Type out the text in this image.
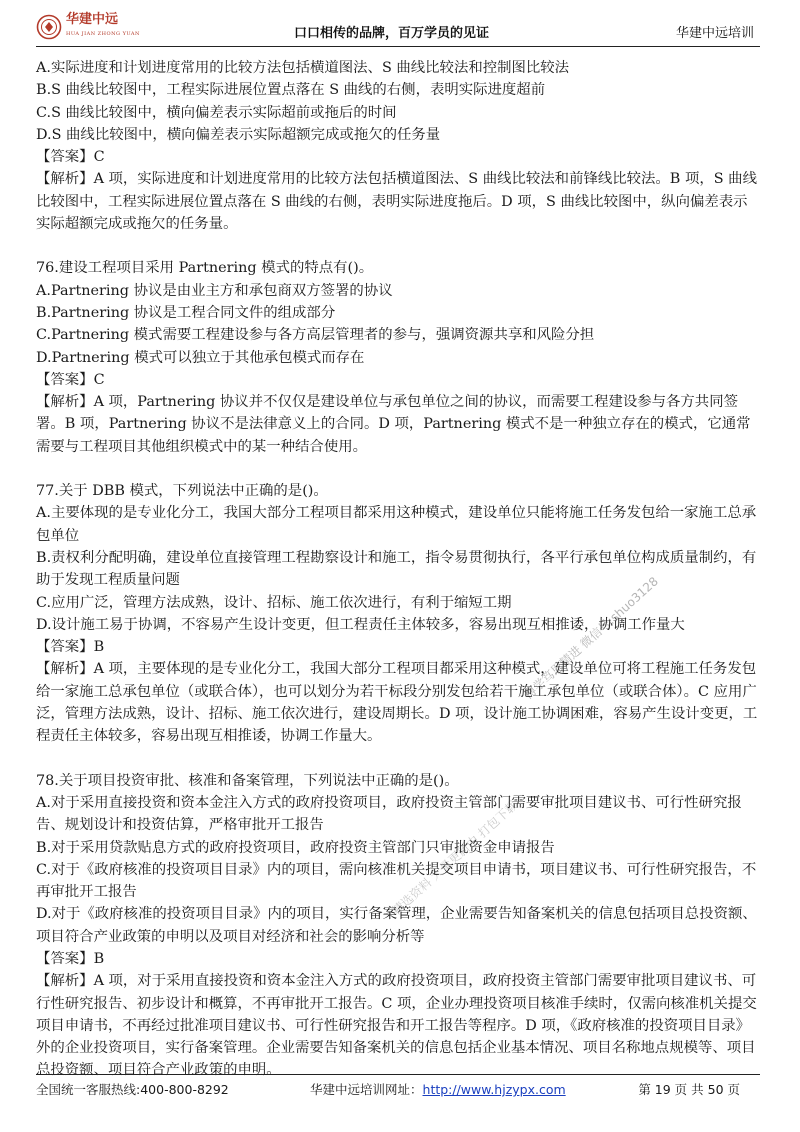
华建中远
HUA JIAN ZHONG YUAN	口口相传的品牌，百万学员的见证	华建中远培训

A.实际进度和计划进度常用的比较方法包括横道图法、S 曲线比较法和控制图比较法

B.S 曲线比较图中，工程实际进展位置点落在 S 曲线的右侧，表明实际进度超前

C.S 曲线比较图中，横向偏差表示实际超前或拖后的时间

D.S 曲线比较图中，横向偏差表示实际超额完成或拖欠的任务量

【答案】C

【解析】A 项，实际进度和计划进度常用的比较方法包括横道图法、S 曲线比较法和前锋线比较法。B 项，S 曲线比较图中，工程实际进展位置点落在 S 曲线的右侧，表明实际进度拖后。D 项，S 曲线比较图中，纵向偏差表示实际超额完成或拖欠的任务量。

76.建设工程项目采用 Partnering 模式的特点有()。

A.Partnering 协议是由业主方和承包商双方签署的协议

B.Partnering 协议是工程合同文件的组成部分

C.Partnering 模式需要工程建设参与各方高层管理者的参与，强调资源共享和风险分担

D.Partnering 模式可以独立于其他承包模式而存在

【答案】C

【解析】A 项，Partnering 协议并不仅仅是建设单位与承包单位之间的协议，而需要工程建设参与各方共同签署。B 项，Partnering 协议不是法律意义上的合同。D 项，Partnering 模式不是一种独立存在的模式，它通常需要与工程项目其他组织模式中的某一种结合使用。

77.关于 DBB 模式，下列说法中正确的是()。

A.主要体现的是专业化分工，我国大部分工程项目都采用这种模式，建设单位只能将施工任务发包给一家施工总承包单位

B.责权利分配明确，建设单位直接管理工程勘察设计和施工，指令易贯彻执行，各平行承包单位构成质量制约，有助于发现工程质量问题

C.应用广泛，管理方法成熟，设计、招标、施工依次进行，有利于缩短工期

D.设计施工易于协调，不容易产生设计变更，但工程责任主体较多，容易出现互相推诿，协调工作量大

【答案】B

【解析】A 项，主要体现的是专业化分工，我国大部分工程项目都采用这种模式，建设单位可将工程施工任务发包给一家施工总承包单位（或联合体），也可以划分为若干标段分别发包给若干施工承包单位（或联合体）。C 应用广泛，管理方法成熟，设计、招标、施工依次进行，建设周期长。D 项，设计施工协调困难，容易产生设计变更，工程责任主体较多，容易出现互相推诿，协调工作量大。

78.关于项目投资审批、核准和备案管理，下列说法中正确的是()。

A.对于采用直接投资和资本金注入方式的政府投资项目，政府投资主管部门需要审批项目建议书、可行性研究报告、规划设计和投资估算，严格审批开工报告

B.对于采用贷款贴息方式的政府投资项目，政府投资主管部门只审批资金申请报告

C.对于《政府核准的投资项目目录》内的项目，需向核准机关提交项目申请书，项目建议书、可行性研究报告，不再审批开工报告

D.对于《政府核准的投资项目目录》内的项目，实行备案管理，企业需要告知备案机关的信息包括项目总投资额、项目符合产业政策的申明以及项目对经济和社会的影响分析等

【答案】B

【解析】A 项，对于采用直接投资和资本金注入方式的政府投资项目，政府投资主管部门需要审批项目建议书、可行性研究报告、初步设计和概算，不再审批开工报告。C 项，企业办理投资项目核准手续时，仅需向核准机关提交项目申请书，不再经过批准项目建议书、可行性研究报告和开工报告等程序。D 项，《政府核准的投资项目目录》外的企业投资项目，实行备案管理。企业需要告知备案机关的信息包括企业基本情况、项目名称地点规模等、项目总投资额、项目符合产业政策的申明。

博学笃思精进 微信号:shuo3128
精选资料 大量更新中 打包下载
全国统一客服热线:400-800-8292	华建中远培训网址：http://www.hjzypx.com	第 19 页 共 50 页
